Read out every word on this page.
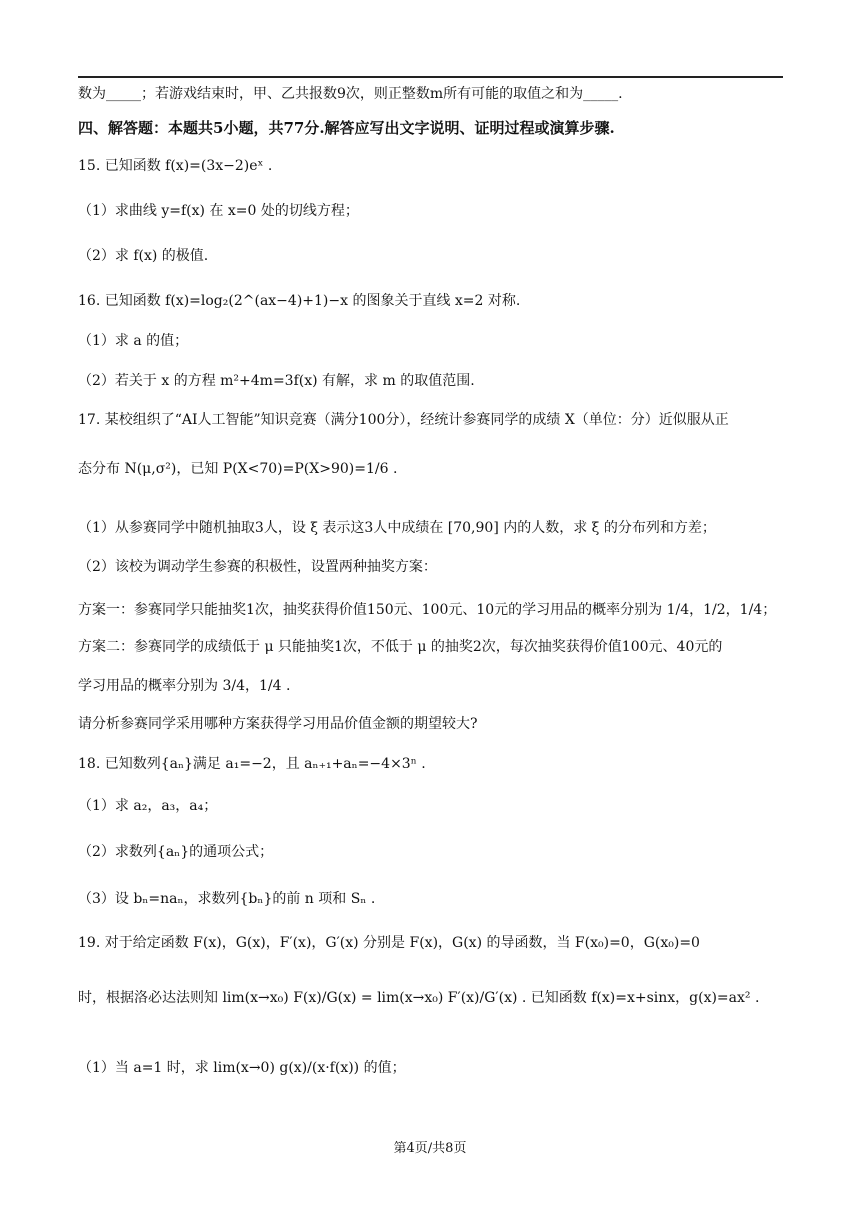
数为_____；若游戏结束时，甲、乙共报数9次，则正整数m所有可能的取值之和为_____.
四、解答题：本题共5小题，共77分.解答应写出文字说明、证明过程或演算步骤.
15. 已知函数 f(x)=(3x−2)eˣ .
（1）求曲线 y=f(x) 在 x=0 处的切线方程；
（2）求 f(x) 的极值.
16. 已知函数 f(x)=log₂(2^(ax−4)+1)−x 的图象关于直线 x=2 对称.
（1）求 a 的值；
（2）若关于 x 的方程 m²+4m=3f(x) 有解，求 m 的取值范围.
17. 某校组织了“AI人工智能”知识竞赛（满分100分），经统计参赛同学的成绩 X（单位：分）近似服从正
态分布 N(μ,σ²)，已知 P(X<70)=P(X>90)=1/6 .
（1）从参赛同学中随机抽取3人，设 ξ 表示这3人中成绩在 [70,90] 内的人数，求 ξ 的分布列和方差；
（2）该校为调动学生参赛的积极性，设置两种抽奖方案：
方案一：参赛同学只能抽奖1次，抽奖获得价值150元、100元、10元的学习用品的概率分别为 1/4，1/2，1/4；
方案二：参赛同学的成绩低于 μ 只能抽奖1次，不低于 μ 的抽奖2次，每次抽奖获得价值100元、40元的
学习用品的概率分别为 3/4，1/4 .
请分析参赛同学采用哪种方案获得学习用品价值金额的期望较大?
18. 已知数列{aₙ}满足 a₁=−2，且 aₙ₊₁+aₙ=−4×3ⁿ .
（1）求 a₂，a₃，a₄；
（2）求数列{aₙ}的通项公式；
（3）设 bₙ=naₙ，求数列{bₙ}的前 n 项和 Sₙ .
19. 对于给定函数 F(x)，G(x)，F′(x)，G′(x) 分别是 F(x)，G(x) 的导函数，当 F(x₀)=0，G(x₀)=0
时，根据洛必达法则知 lim(x→x₀) F(x)/G(x) = lim(x→x₀) F′(x)/G′(x) . 已知函数 f(x)=x+sinx，g(x)=ax² .
（1）当 a=1 时，求 lim(x→0) g(x)/(x·f(x)) 的值；
第4页/共8页
